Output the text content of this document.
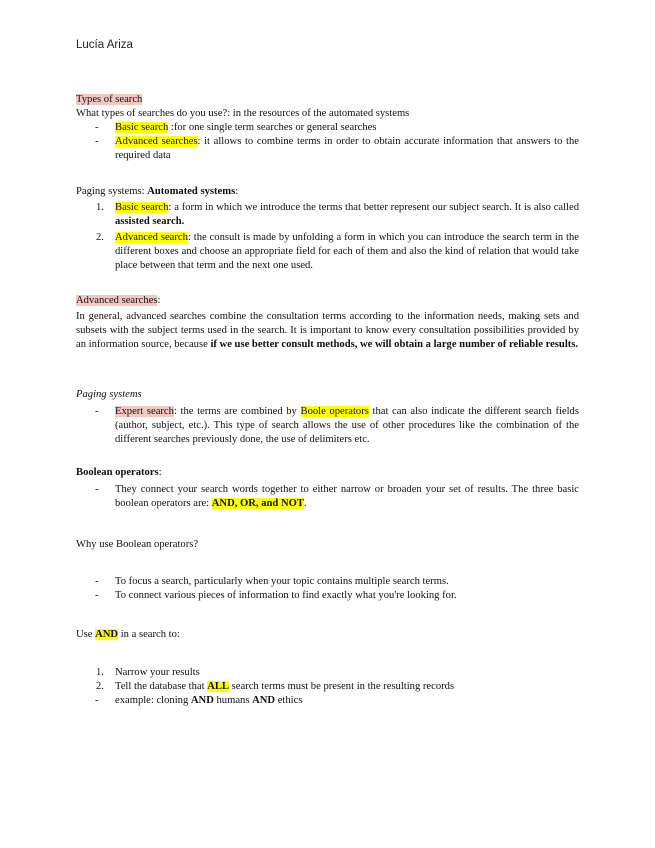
Lucía Ariza

Types of search

What types of searches do you use?: in the resources of the automated systems

- Basic search :for one single term searches or general searches
- Advanced searches: it allows to combine terms in order to obtain accurate information that answers to the required data

Paging systems: Automated systems:

1. Basic search: a form in which we introduce the terms that better represent our subject search. It is also called assisted search.
2. Advanced search: the consult is made by unfolding a form in which you can introduce the search term in the different boxes and choose an appropriate field for each of them and also the kind of relation that would take place between that term and the next one used.

Advanced searches:

In general, advanced searches combine the consultation terms according to the information needs, making sets and subsets with the subject terms used in the search. It is important to know every consultation possibilities provided by an information source, because if we use better consult methods, we will obtain a large number of reliable results.

Paging systems

- Expert search: the terms are combined by Boole operators that can also indicate the different search fields (author, subject, etc.). This type of search allows the use of other procedures like the combination of the different searches previously done, the use of delimiters etc.

Boolean operators:

- They connect your search words together to either narrow or broaden your set of results. The three basic boolean operators are: AND, OR, and NOT.

Why use Boolean operators?

- To focus a search, particularly when your topic contains multiple search terms.
- To connect various pieces of information to find exactly what you're looking for.

Use AND in a search to:

1. Narrow your results
2. Tell the database that ALL search terms must be present in the resulting records
- example: cloning AND humans AND ethics
